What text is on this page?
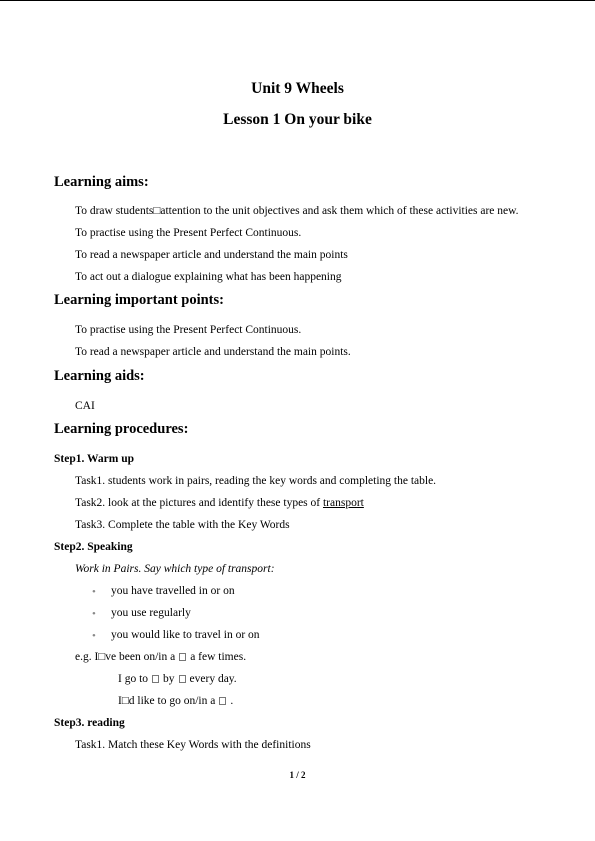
Unit 9 Wheels
Lesson 1 On your bike
Learning aims:
To draw students□attention to the unit objectives and ask them which of these activities are new.
To practise using the Present Perfect Continuous.
To read a newspaper article and understand the main points
To act out a dialogue explaining what has been happening
Learning important points:
To practise using the Present Perfect Continuous.
To read a newspaper article and understand the main points.
Learning aids:
CAI
Learning procedures:
Step1. Warm up
Task1. students work in pairs, reading the key words and completing the table.
Task2. look at the pictures and identify these types of transport
Task3. Complete the table with the Key Words
Step2. Speaking
Work in Pairs. Say which type of transport:
• you have travelled in or on
• you use regularly
• you would like to travel in or on
e.g. I□ve been on/in a a few times.
I go to by every day.
I□d like to go on/in a .
Step3. reading
Task1. Match these Key Words with the definitions
1 / 2
